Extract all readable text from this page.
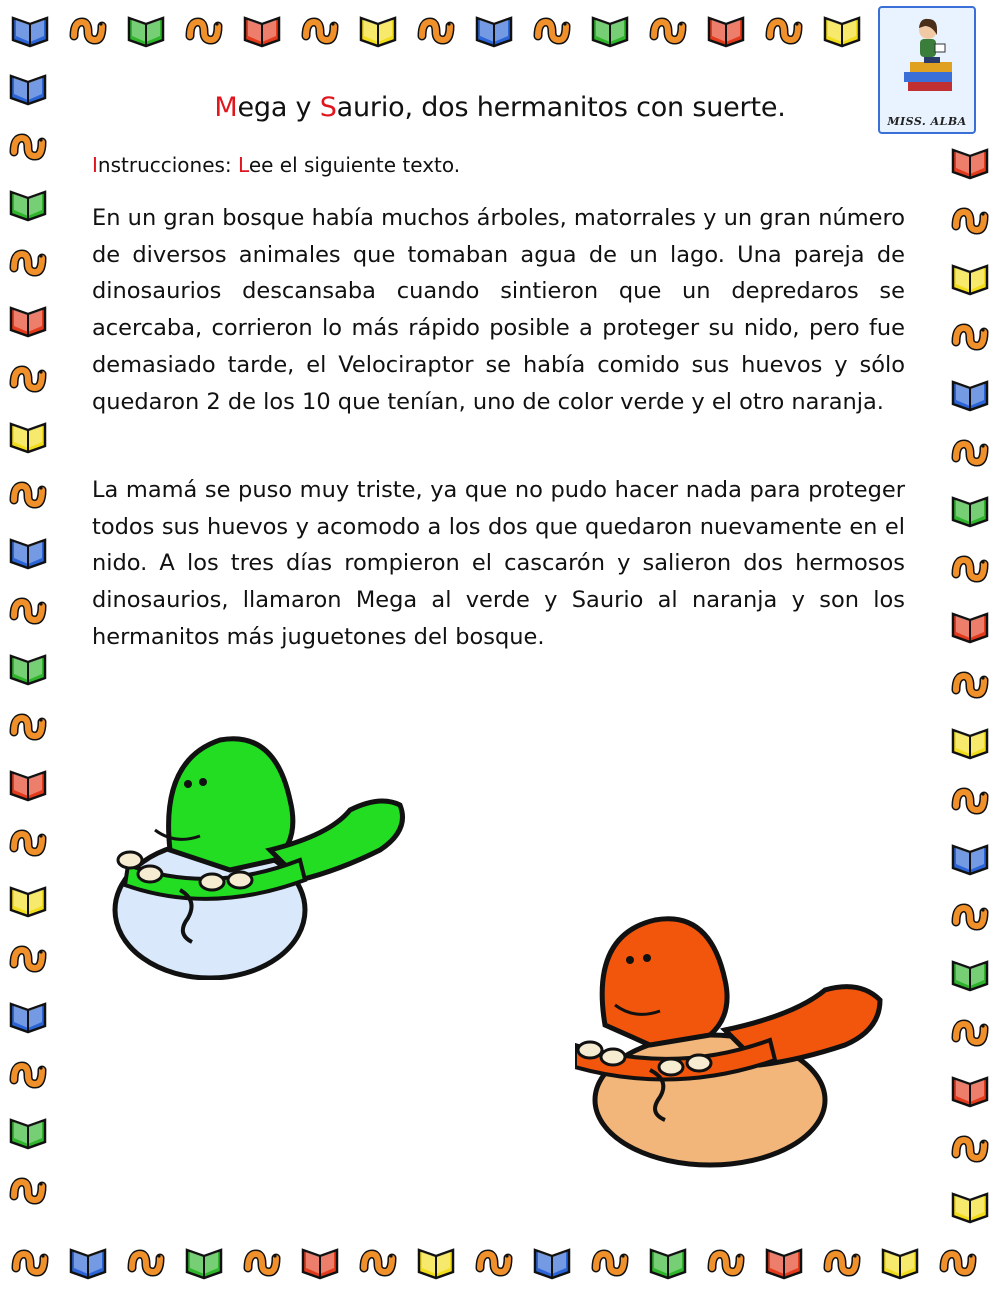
MISS. ALBA
Mega y Saurio, dos hermanitos con suerte.
Instrucciones: Lee el siguiente texto.

En un gran bosque había muchos árboles, matorrales y un gran número de diversos animales que tomaban agua de un lago. Una pareja de dinosaurios descansaba cuando sintieron que un depredaros se acercaba, corrieron lo más rápido posible a proteger su nido, pero fue demasiado tarde, el Velociraptor se había comido sus huevos y sólo quedaron 2 de los 10 que tenían, uno de color verde y el otro naranja.

La mamá se puso muy triste, ya que no pudo hacer nada para proteger todos sus huevos y acomodo a los dos que quedaron nuevamente en el nido. A los tres días rompieron el cascarón y salieron dos hermosos dinosaurios, llamaron Mega al verde y Saurio al naranja y son los hermanitos más juguetones del bosque.
